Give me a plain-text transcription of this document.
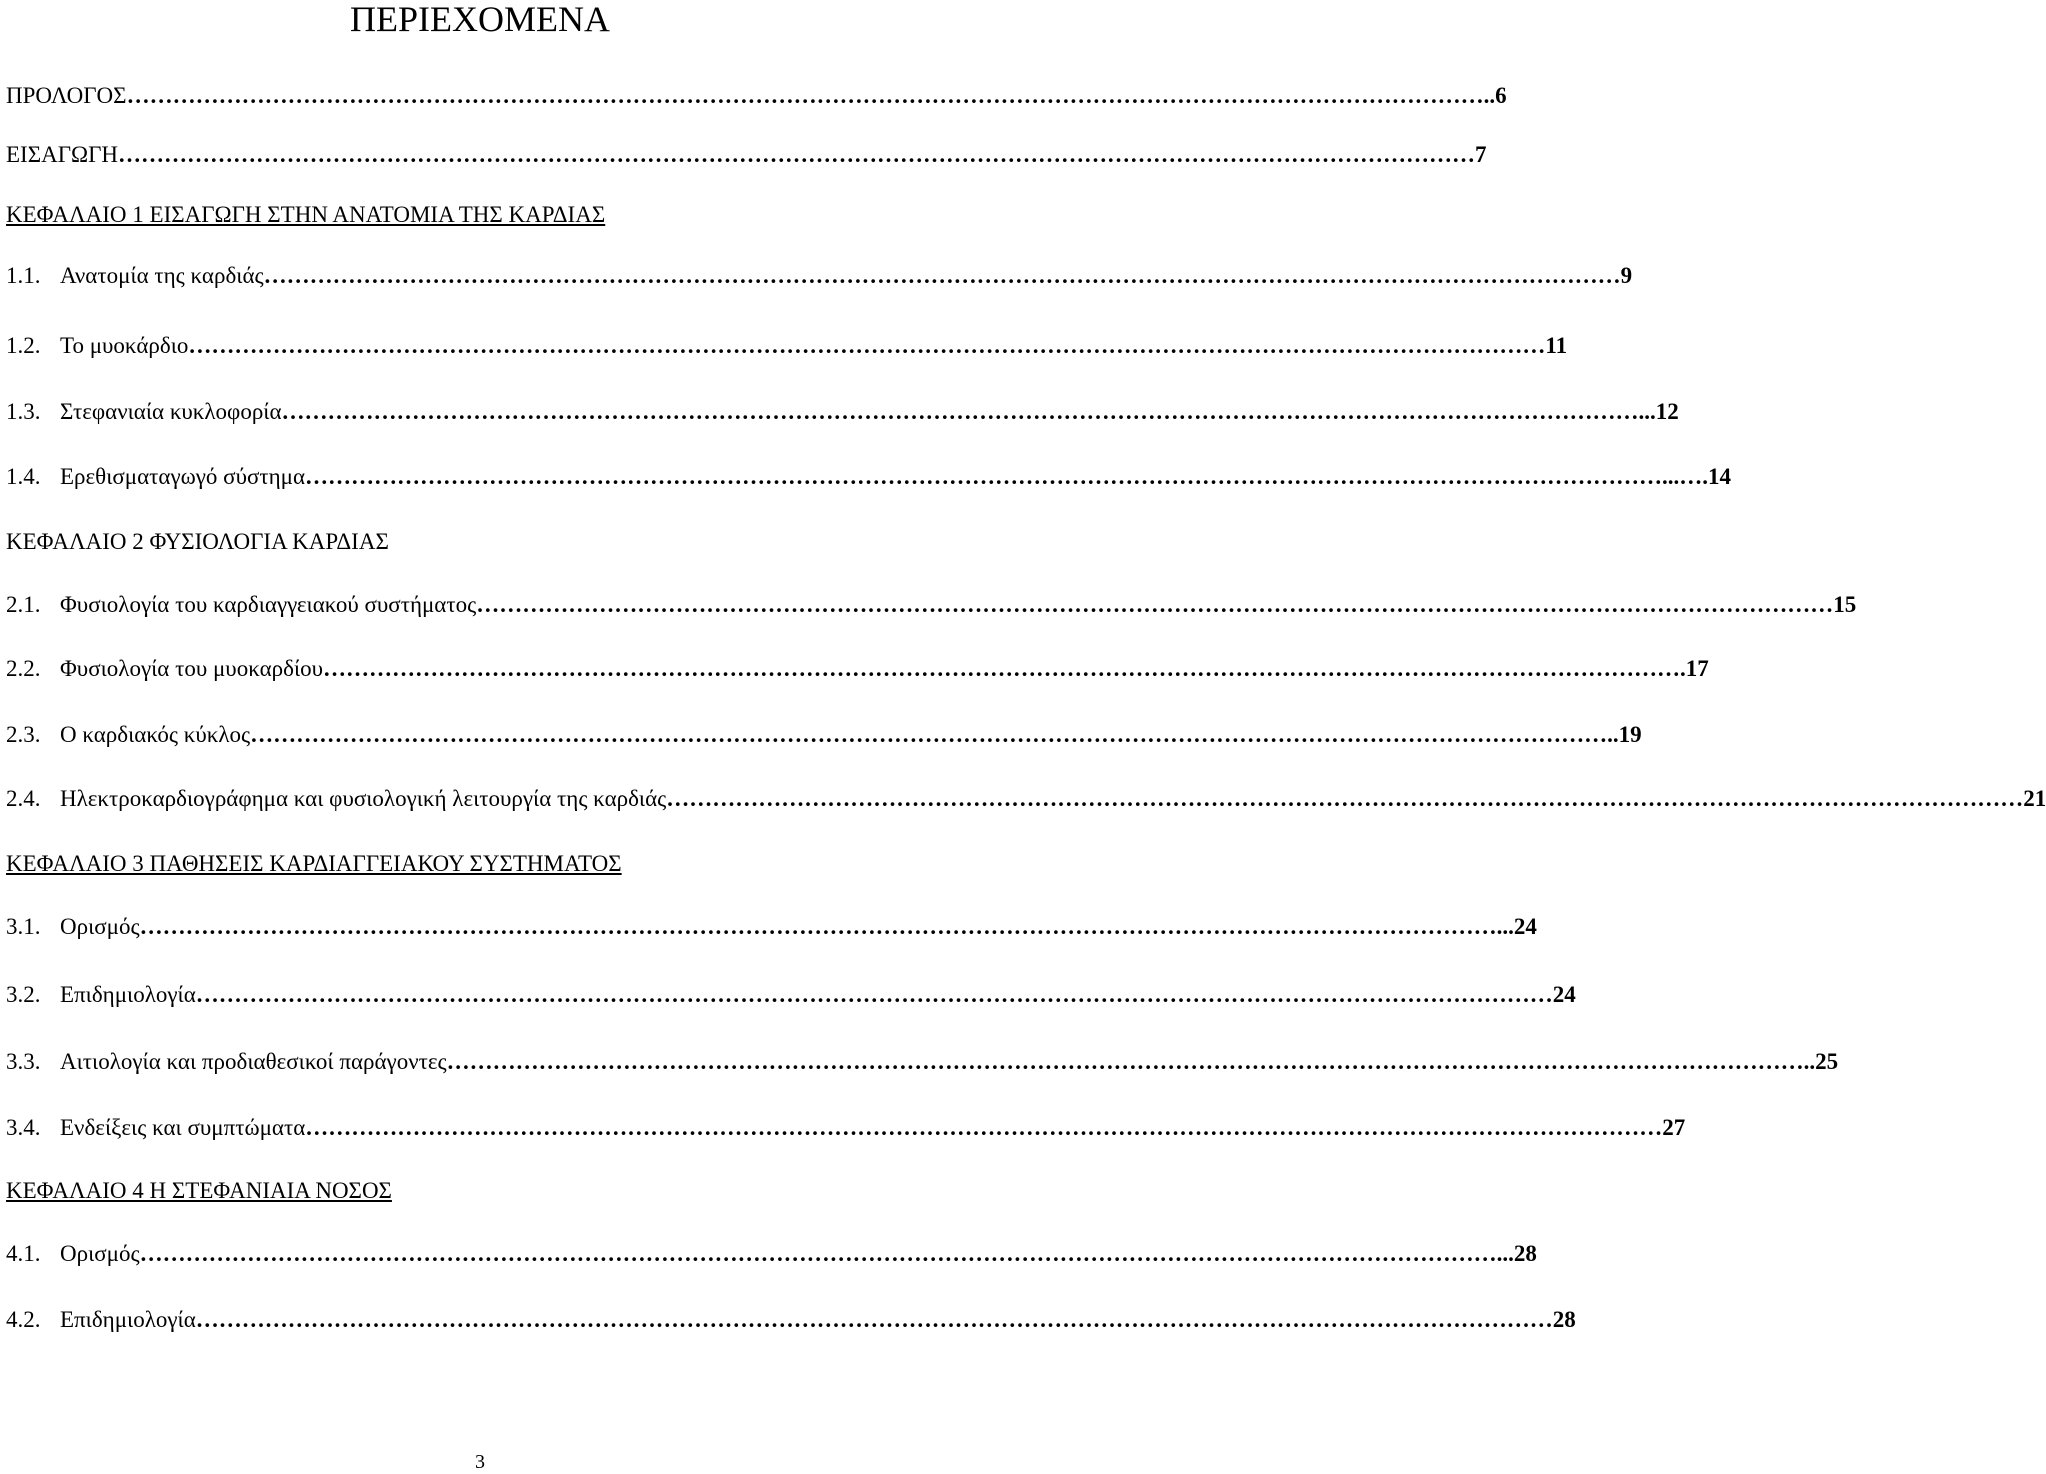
ΠΕΡΙΕΧΟΜΕΝΑ
ΠΡΟΛΟΓΟΣ …………………………………………………………………………………………………………………………………………………………… ..6
ΕΙΣΑΓΩΓΗ …………………………………………………………………………………………………………………………………………………………… 7
ΚΕΦΑΛΑΙΟ 1 ΕΙΣΑΓΩΓΗ ΣΤΗΝ ΑΝΑΤΟΜΙΑ ΤΗΣ ΚΑΡΔΙΑΣ
1.1. Ανατομία της καρδιάς …………………………………………………………………………………………………………………………………………………………… 9
1.2. Το μυοκάρδιο …………………………………………………………………………………………………………………………………………………………… 11
1.3. Στεφανιαία κυκλοφορία …………………………………………………………………………………………………………………………………………………………… ...12
1.4. Ερεθισματαγωγό σύστημα …………………………………………………………………………………………………………………………………………………………… ...….14
ΚΕΦΑΛΑΙΟ 2 ΦΥΣΙΟΛΟΓΙΑ ΚΑΡΔΙΑΣ
2.1. Φυσιολογία του καρδιαγγειακού συστήματος …………………………………………………………………………………………………………………………………………………………… 15
2.2. Φυσιολογία του μυοκαρδίου …………………………………………………………………………………………………………………………………………………………… .17
2.3. Ο καρδιακός κύκλος …………………………………………………………………………………………………………………………………………………………… ..19
2.4. Ηλεκτροκαρδιογράφημα και φυσιολογική λειτουργία της καρδιάς …………………………………………………………………………………………………………………………………………………………… 21
ΚΕΦΑΛΑΙΟ 3 ΠΑΘΗΣΕΙΣ ΚΑΡΔΙΑΓΓΕΙΑΚΟΥ ΣΥΣΤΗΜΑΤΟΣ
3.1. Ορισμός …………………………………………………………………………………………………………………………………………………………… ...24
3.2. Επιδημιολογία …………………………………………………………………………………………………………………………………………………………… 24
3.3. Αιτιολογία και προδιαθεσικοί παράγοντες …………………………………………………………………………………………………………………………………………………………… ..25
3.4. Ενδείξεις και συμπτώματα …………………………………………………………………………………………………………………………………………………………… 27
ΚΕΦΑΛΑΙΟ 4 Η ΣΤΕΦΑΝΙΑΙΑ ΝΟΣΟΣ
4.1. Ορισμός …………………………………………………………………………………………………………………………………………………………… ...28
4.2. Επιδημιολογία …………………………………………………………………………………………………………………………………………………………… 28
3
